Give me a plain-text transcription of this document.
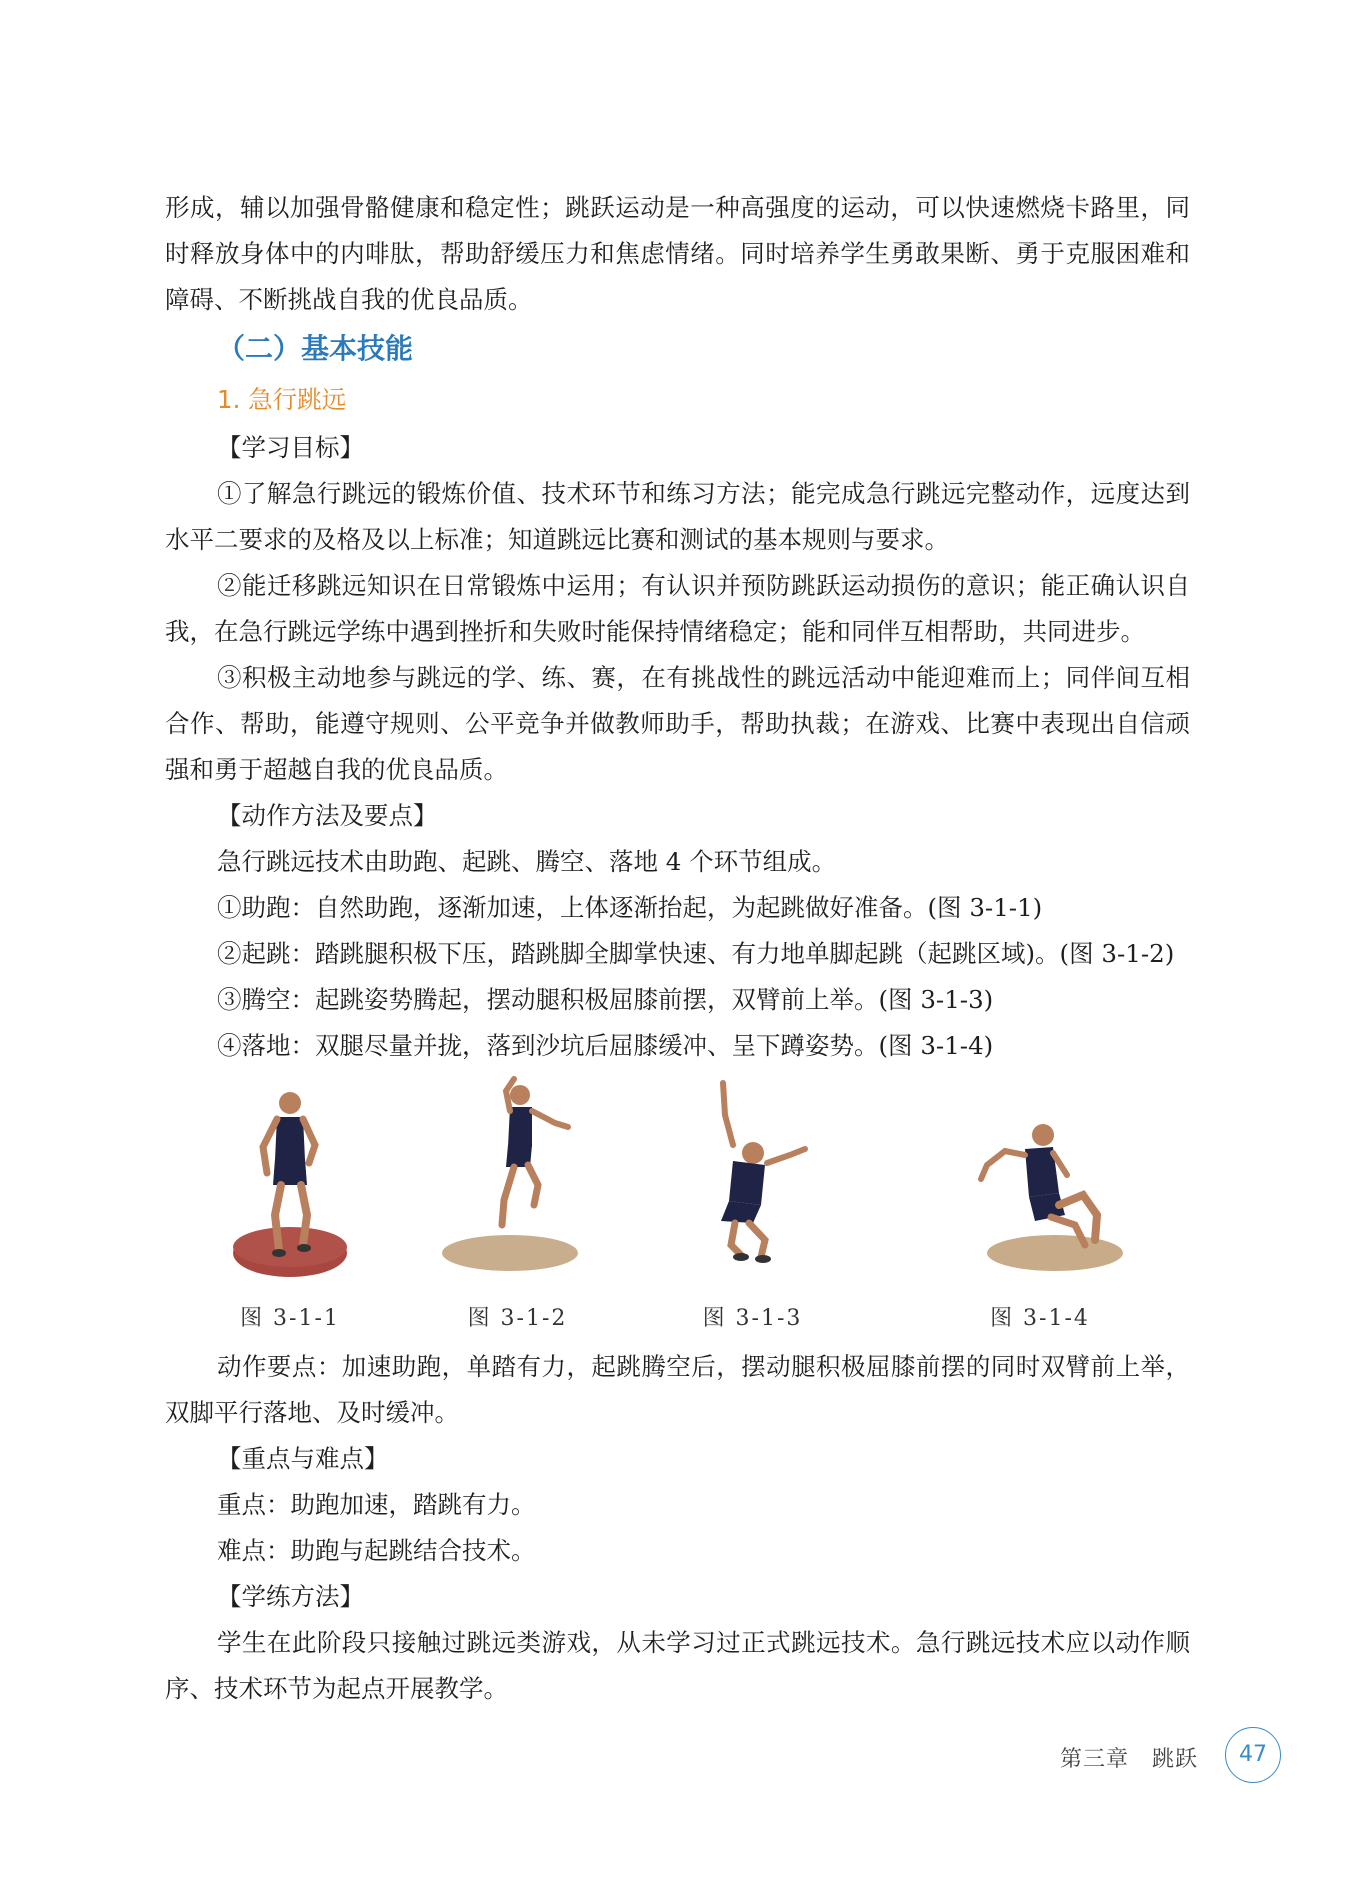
形成，辅以加强骨骼健康和稳定性；跳跃运动是一种高强度的运动，可以快速燃烧卡路里，同时释放身体中的内啡肽，帮助舒缓压力和焦虑情绪。同时培养学生勇敢果断、勇于克服困难和障碍、不断挑战自我的优良品质。

（二）基本技能

1. 急行跳远

【学习目标】

①了解急行跳远的锻炼价值、技术环节和练习方法；能完成急行跳远完整动作，远度达到水平二要求的及格及以上标准；知道跳远比赛和测试的基本规则与要求。

②能迁移跳远知识在日常锻炼中运用；有认识并预防跳跃运动损伤的意识；能正确认识自我，在急行跳远学练中遇到挫折和失败时能保持情绪稳定；能和同伴互相帮助，共同进步。

③积极主动地参与跳远的学、练、赛，在有挑战性的跳远活动中能迎难而上；同伴间互相合作、帮助，能遵守规则、公平竞争并做教师助手，帮助执裁；在游戏、比赛中表现出自信顽强和勇于超越自我的优良品质。

【动作方法及要点】

急行跳远技术由助跑、起跳、腾空、落地 4 个环节组成。

①助跑：自然助跑，逐渐加速，上体逐渐抬起，为起跳做好准备。(图 3-1-1)

②起跳：踏跳腿积极下压，踏跳脚全脚掌快速、有力地单脚起跳（起跳区域)。(图 3-1-2)

③腾空：起跳姿势腾起，摆动腿积极屈膝前摆，双臂前上举。(图 3-1-3)

④落地：双腿尽量并拢，落到沙坑后屈膝缓冲、呈下蹲姿势。(图 3-1-4)

图 3-1-1	图 3-1-2	图 3-1-3	图 3-1-4

动作要点：加速助跑，单踏有力，起跳腾空后，摆动腿积极屈膝前摆的同时双臂前上举，双脚平行落地、及时缓冲。

【重点与难点】

重点：助跑加速，踏跳有力。

难点：助跑与起跳结合技术。

【学练方法】

学生在此阶段只接触过跳远类游戏，从未学习过正式跳远技术。急行跳远技术应以动作顺序、技术环节为起点开展教学。

第三章　跳跃	47
